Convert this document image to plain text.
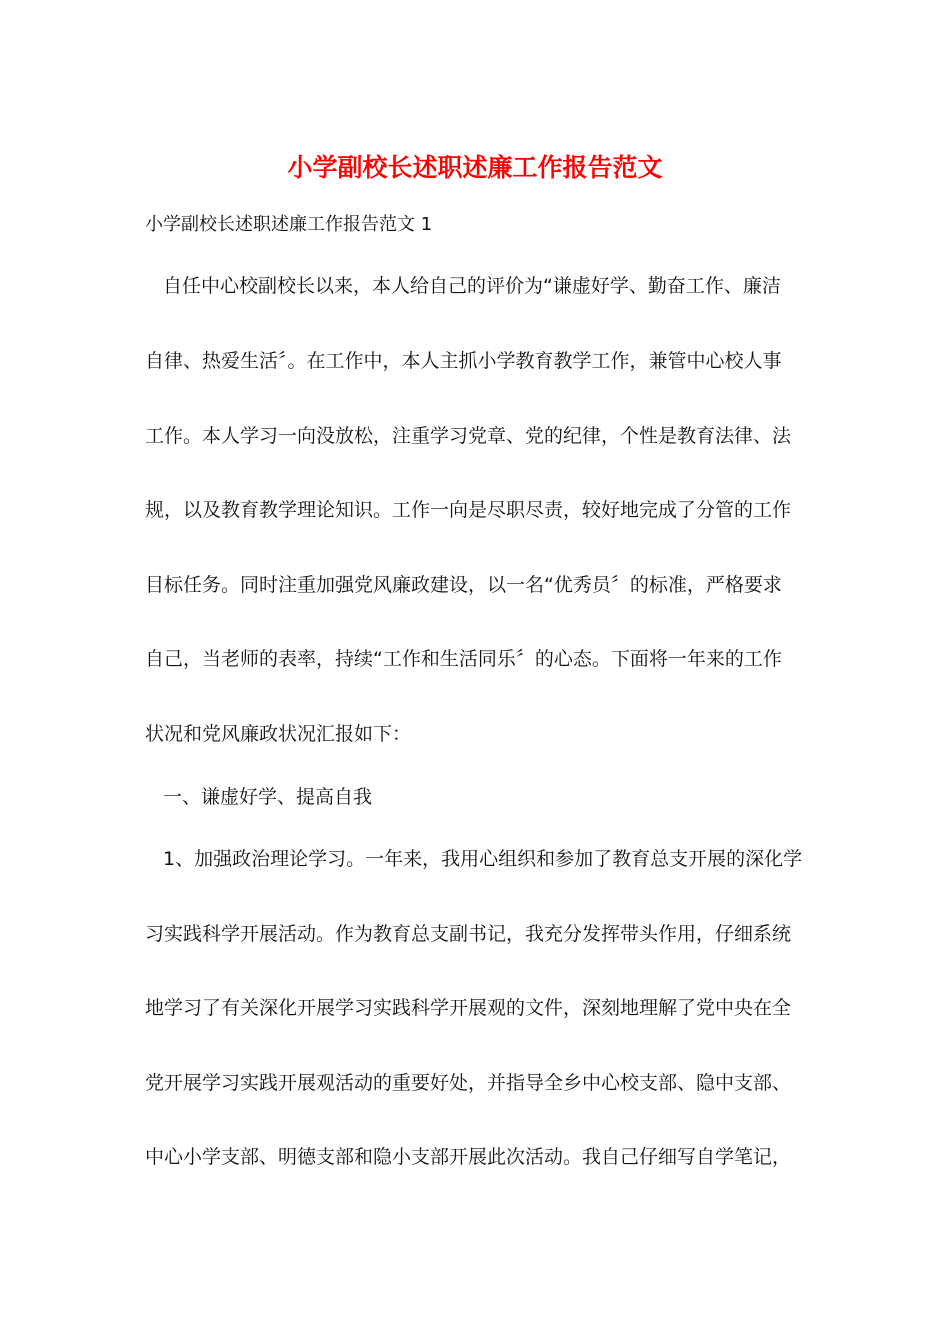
小学副校长述职述廉工作报告范文
小学副校长述职述廉工作报告范文 1
自任中心校副校长以来，本人给自己的评价为“谦虚好学、勤奋工作、廉洁
自律、热爱生活〞。在工作中，本人主抓小学教育教学工作，兼管中心校人事
工作。本人学习一向没放松，注重学习党章、党的纪律，个性是教育法律、法
规，以及教育教学理论知识。工作一向是尽职尽责，较好地完成了分管的工作
目标任务。同时注重加强党风廉政建设，以一名“优秀员〞的标准，严格要求
自己，当老师的表率，持续“工作和生活同乐〞的心态。下面将一年来的工作
状况和党风廉政状况汇报如下：
一、谦虚好学、提高自我
1、加强政治理论学习。一年来，我用心组织和参加了教育总支开展的深化学
习实践科学开展活动。作为教育总支副书记，我充分发挥带头作用，仔细系统
地学习了有关深化开展学习实践科学开展观的文件，深刻地理解了党中央在全
党开展学习实践开展观活动的重要好处，并指导全乡中心校支部、隐中支部、
中心小学支部、明德支部和隐小支部开展此次活动。我自己仔细写自学笔记，
